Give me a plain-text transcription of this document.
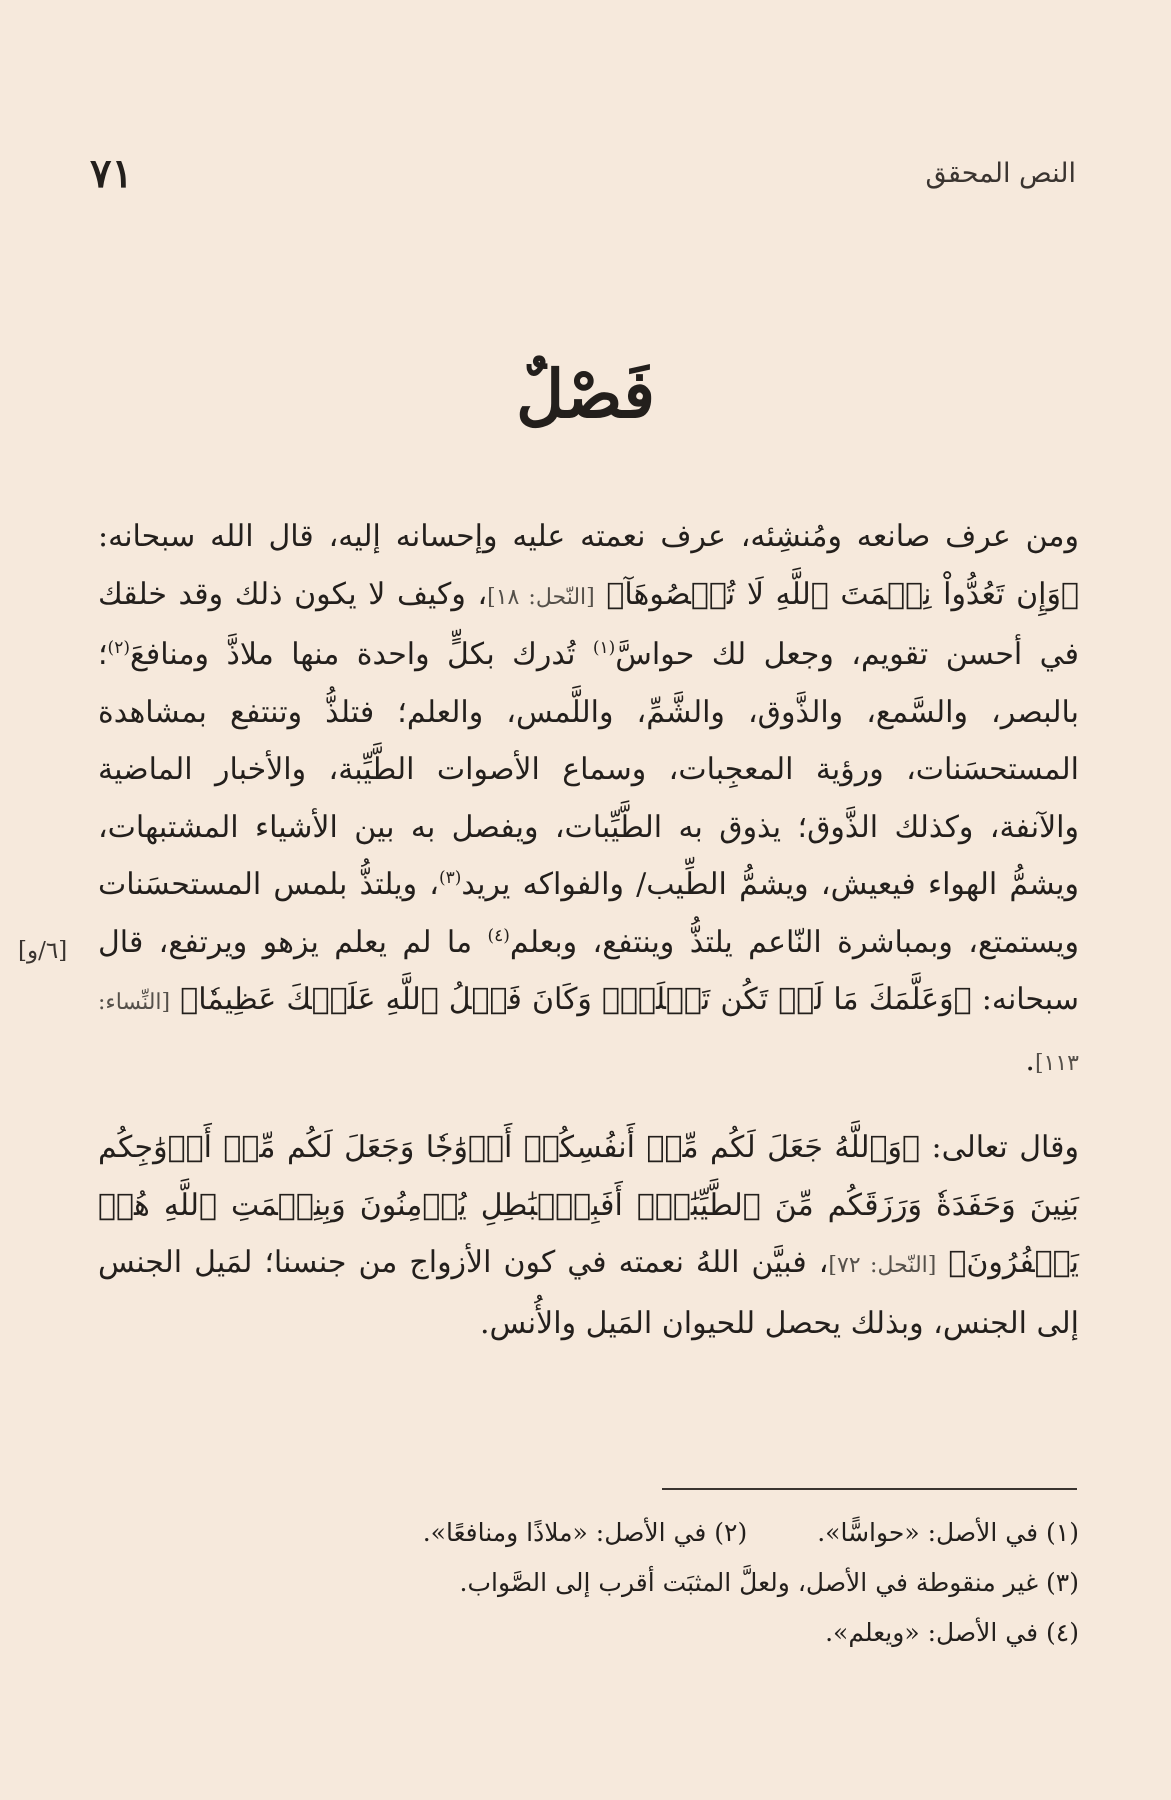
٧١	النص المحقق
فَصْلٌ
[٦/و]

ومن عرف صانعه ومُنشِئه، عرف نعمته عليه وإحسانه إليه، قال الله سبحانه: ﴿وَإِن تَعُدُّواْ نِعۡمَتَ ٱللَّهِ لَا تُحۡصُوهَآ﴾ [النّحل: ١٨]، وكيف لا يكون ذلك وقد خلقك في أحسن تقويم، وجعل لك حواسَّ$^{(١)}$ تُدرك بكلٍّ واحدة منها ملاذَّ ومنافعَ$^{(٢)}$؛ بالبصر، والسَّمع، والذَّوق، والشَّمِّ، واللَّمس، والعلم؛ فتلذُّ وتنتفع بمشاهدة المستحسَنات، ورؤية المعجِبات، وسماع الأصوات الطَّيِّبة، والأخبار الماضية والآنفة، وكذلك الذَّوق؛ يذوق به الطَّيِّبات، ويفصل به بين الأشياء المشتبهات، ويشمُّ الهواء فيعيش، ويشمُّ الطِّيب/ والفواكه يريد$^{(٣)}$، ويلتذُّ بلمس المستحسَنات ويستمتع، وبمباشرة النّاعم يلتذُّ وينتفع، وبعلم$^{(٤)}$ ما لم يعلم يزهو ويرتفع، قال سبحانه: ﴿وَعَلَّمَكَ مَا لَمۡ تَكُن تَعۡلَمُۚ وَكَانَ فَضۡلُ ٱللَّهِ عَلَيۡكَ عَظِيمٗا﴾ [النِّساء: ١١٣].

وقال تعالى: ﴿وَٱللَّهُ جَعَلَ لَكُم مِّنۡ أَنفُسِكُمۡ أَزۡوَٰجٗا وَجَعَلَ لَكُم مِّنۡ أَزۡوَٰجِكُم بَنِينَ وَحَفَدَةٗ وَرَزَقَكُم مِّنَ ٱلطَّيِّبَٰتِۚ أَفَبِٱلۡبَٰطِلِ يُؤۡمِنُونَ وَبِنِعۡمَتِ ٱللَّهِ هُمۡ يَكۡفُرُونَ﴾ [النّحل: ٧٢]، فبيَّن اللهُ نعمته في كون الأزواج من جنسنا؛ لمَيل الجنس إلى الجنس، وبذلك يحصل للحيوان المَيل والأُنس.

(١) في الأصل: «حواسًّا».
(٢) في الأصل: «ملاذًا ومنافعًا».
(٣) غير منقوطة في الأصل، ولعلَّ المثبَت أقرب إلى الصَّواب.
(٤) في الأصل: «ويعلم».
